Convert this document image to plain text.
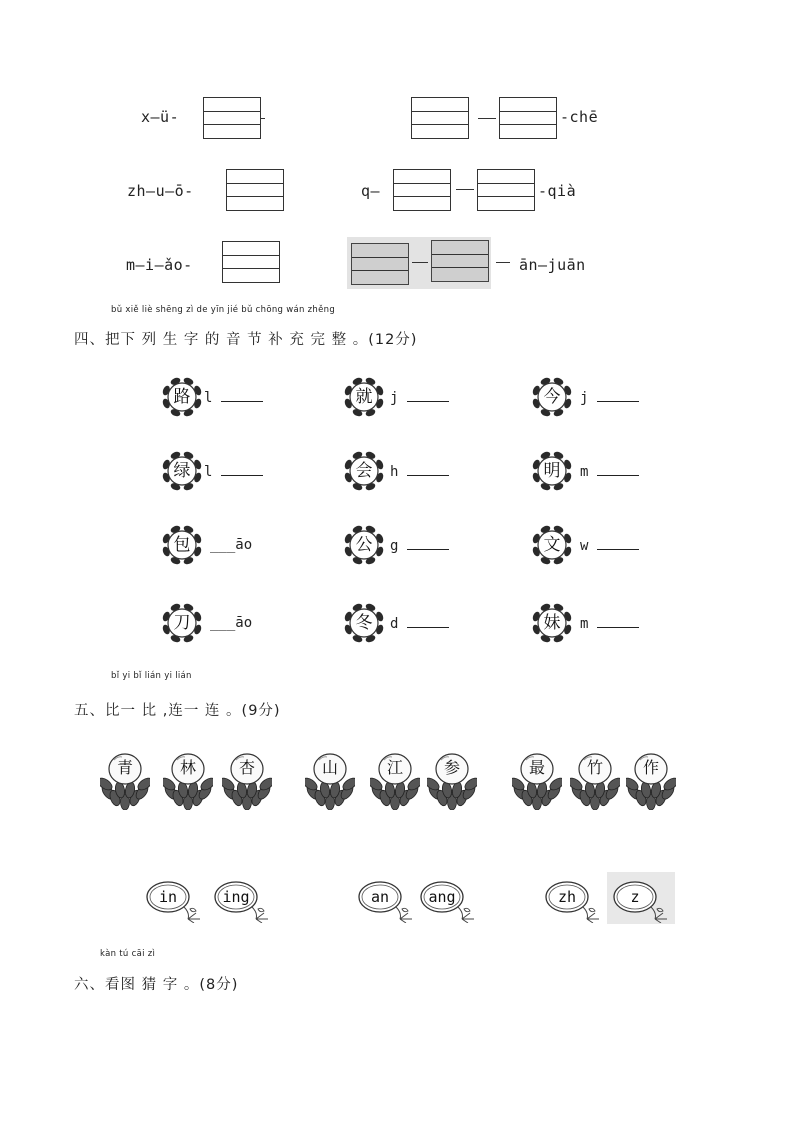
x—ü-	-chē
zh—u—ō-	q—	-qià
m—i—ǎo-	ān—juān
bǔ xiě liè shēng zì de yīn jié bǔ chōng wán zhěng
四、把下 列 生 字 的 音 节 补 充 完 整 。(12分)
路 l	就	j	今	j
绿 l	会	h	明	m
包	___āo	公	g	文	w
刀	___āo	冬	d	妹	m
bǐ yi bǐ lián yi lián
五、比一 比 ,连一 连 。(9分)
青	林	杏	山	江	参	最	竹	作
in	ing	an	ang	zh	z
kàn tú cāi zì
六、看图 猜 字 。(8分)
